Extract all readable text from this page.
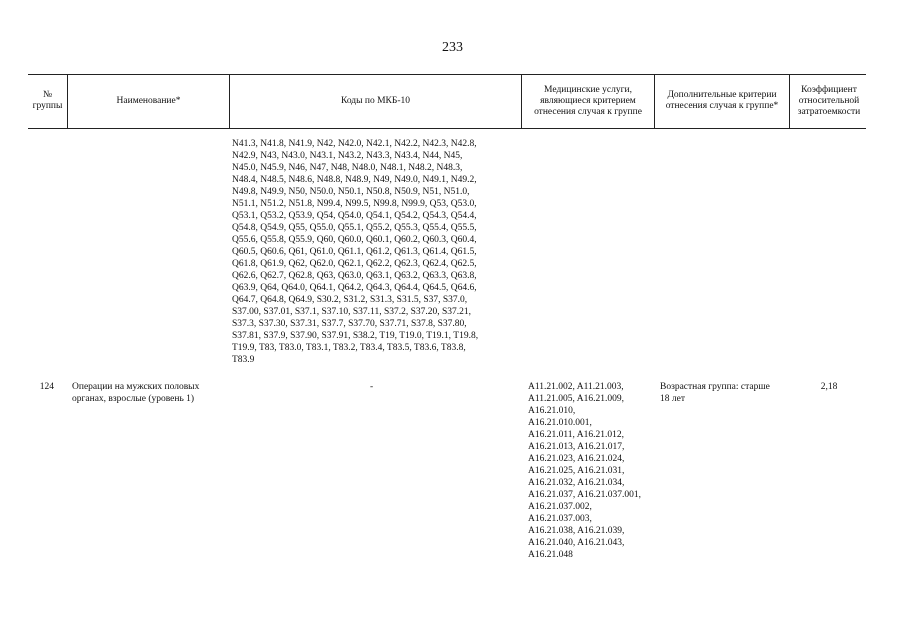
233
№ группы
Наименование*	Коды по МКБ-10
Медицинские услуги, являющиеся критерием отнесения случая к группе
Дополнительные критерии отнесения случая к группе*
Коэффициент относительной затратоемкости
N41.3, N41.8, N41.9, N42, N42.0, N42.1, N42.2, N42.3, N42.8,
N42.9, N43, N43.0, N43.1, N43.2, N43.3, N43.4, N44, N45,
N45.0, N45.9, N46, N47, N48, N48.0, N48.1, N48.2, N48.3,
N48.4, N48.5, N48.6, N48.8, N48.9, N49, N49.0, N49.1, N49.2,
N49.8, N49.9, N50, N50.0, N50.1, N50.8, N50.9, N51, N51.0,
N51.1, N51.2, N51.8, N99.4, N99.5, N99.8, N99.9, Q53, Q53.0,
Q53.1, Q53.2, Q53.9, Q54, Q54.0, Q54.1, Q54.2, Q54.3, Q54.4,
Q54.8, Q54.9, Q55, Q55.0, Q55.1, Q55.2, Q55.3, Q55.4, Q55.5,
Q55.6, Q55.8, Q55.9, Q60, Q60.0, Q60.1, Q60.2, Q60.3, Q60.4,
Q60.5, Q60.6, Q61, Q61.0, Q61.1, Q61.2, Q61.3, Q61.4, Q61.5,
Q61.8, Q61.9, Q62, Q62.0, Q62.1, Q62.2, Q62.3, Q62.4, Q62.5,
Q62.6, Q62.7, Q62.8, Q63, Q63.0, Q63.1, Q63.2, Q63.3, Q63.8,
Q63.9, Q64, Q64.0, Q64.1, Q64.2, Q64.3, Q64.4, Q64.5, Q64.6,
Q64.7, Q64.8, Q64.9, S30.2, S31.2, S31.3, S31.5, S37, S37.0,
S37.00, S37.01, S37.1, S37.10, S37.11, S37.2, S37.20, S37.21,
S37.3, S37.30, S37.31, S37.7, S37.70, S37.71, S37.8, S37.80,
S37.81, S37.9, S37.90, S37.91, S38.2, T19, T19.0, T19.1, T19.8,
T19.9, T83, T83.0, T83.1, T83.2, T83.4, T83.5, T83.6, T83.8,
T83.9
124 Операции на мужских половых органах, взрослые (уровень 1)
-	A11.21.002, A11.21.003,
A11.21.005, A16.21.009,
A16.21.010,
A16.21.010.001,
A16.21.011, A16.21.012,
A16.21.013, A16.21.017,
A16.21.023, A16.21.024,
A16.21.025, A16.21.031,
A16.21.032, A16.21.034,
A16.21.037, A16.21.037.001,
A16.21.037.002,
A16.21.037.003,
A16.21.038, A16.21.039,
A16.21.040, A16.21.043,
A16.21.048
Возрастная группа: старше 18 лет
2,18
